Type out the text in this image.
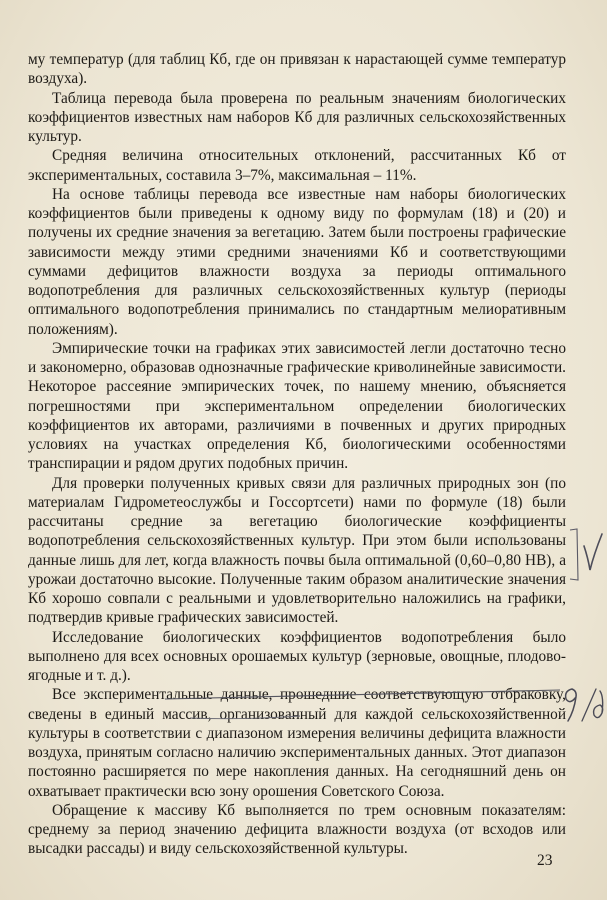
му температур (для таблиц Кб, где он привязан к нарастающей сумме температур воздуха).

Таблица перевода была проверена по реальным значениям биологических коэффициентов известных нам наборов Кб для различных сельскохозяйственных культур.

Средняя величина относительных отклонений, рассчитанных Кб от экспериментальных, составила 3–7%, максимальная – 11%.

На основе таблицы перевода все известные нам наборы биологических коэффициентов были приведены к одному виду по формулам (18) и (20) и получены их средние значения за вегетацию. Затем были построены графические зависимости между этими средними значениями Кб и соответствующими суммами дефицитов влажности воздуха за периоды оптимального водопотребления для различных сельскохозяйственных культур (периоды оптимального водопотребления принимались по стандартным мелиоративным положениям).

Эмпирические точки на графиках этих зависимостей легли достаточно тесно и закономерно, образовав однозначные графические криволинейные зависимости. Некоторое рассеяние эмпирических точек, по нашему мнению, объясняется погрешностями при экспериментальном определении биологических коэффициентов их авторами, различиями в почвенных и других природных условиях на участках определения Кб, биологическими особенностями транспирации и рядом других подобных причин.

Для проверки полученных кривых связи для различных природных зон (по материалам Гидрометеослужбы и Госсортсети) нами по формуле (18) были рассчитаны средние за вегетацию биологические коэффициенты водопотребления сельскохозяйственных культур. При этом были использованы данные лишь для лет, когда влажность почвы была оптимальной (0,60–0,80 HB), а урожаи достаточно высокие. Полученные таким образом аналитические значения Кб хорошо совпали с реальными и удовлетворительно наложились на графики, подтвердив кривые графических зависимостей.

Исследование биологических коэффициентов водопотребления было выполнено для всех основных орошаемых культур (зерновые, овощные, плодово-ягодные и т. д.).

Все экспериментальные данные, прошедшие соответствующую отбраковку, сведены в единый массив, организованный для каждой сельскохозяйственной культуры в соответствии с диапазоном измерения величины дефицита влажности воздуха, принятым согласно наличию экспериментальных данных. Этот диапазон постоянно расширяется по мере накопления данных. На сегодняшний день он охватывает практически всю зону орошения Советского Союза.

Обращение к массиву Кб выполняется по трем основным показателям: среднему за период значению дефицита влажности воздуха (от всходов или высадки рассады) и виду сельскохозяйственной культуры.

23
